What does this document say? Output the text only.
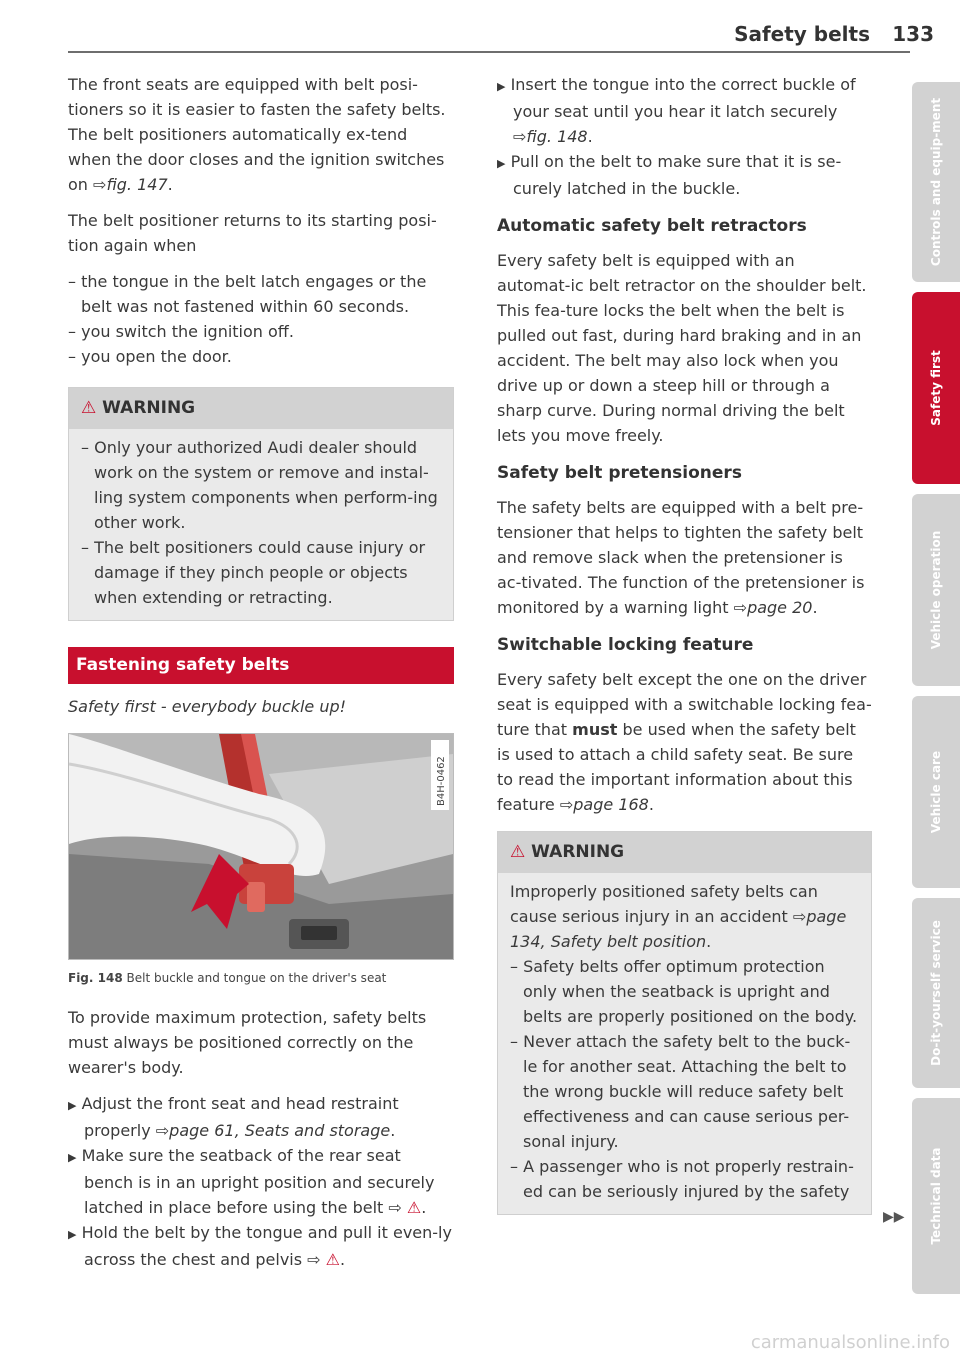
Safety belts 133

The front seats are equipped with belt posi-tioners so it is easier to fasten the safety belts. The belt positioners automatically ex-tend when the door closes and the ignition switches on ⇨fig. 147.

The belt positioner returns to its starting posi-tion again when

– the tongue in the belt latch engages or the belt was not fastened within 60 seconds.

– you switch the ignition off.

– you open the door.

⚠ WARNING

– Only your authorized Audi dealer should work on the system or remove and instal-ling system components when perform-ing other work.

– The belt positioners could cause injury or damage if they pinch people or objects when extending or retracting.

Fastening safety belts

Safety first - everybody buckle up!

B4H-0462
Fig. 148 Belt buckle and tongue on the driver's seat

To provide maximum protection, safety belts must always be positioned correctly on the wearer's body.

▶ Adjust the front seat and head restraint properly ⇨page 61, Seats and storage.

▶ Make sure the seatback of the rear seat bench is in an upright position and securely latched in place before using the belt ⇨ ⚠.

▶ Hold the belt by the tongue and pull it even-ly across the chest and pelvis ⇨ ⚠.

▶ Insert the tongue into the correct buckle of your seat until you hear it latch securely ⇨fig. 148.

▶ Pull on the belt to make sure that it is se-curely latched in the buckle.

Automatic safety belt retractors

Every safety belt is equipped with an automat-ic belt retractor on the shoulder belt. This fea-ture locks the belt when the belt is pulled out fast, during hard braking and in an accident. The belt may also lock when you drive up or down a steep hill or through a sharp curve. During normal driving the belt lets you move freely.

Safety belt pretensioners

The safety belts are equipped with a belt pre-tensioner that helps to tighten the safety belt and remove slack when the pretensioner is ac-tivated. The function of the pretensioner is monitored by a warning light ⇨page 20.

Switchable locking feature

Every safety belt except the one on the driver seat is equipped with a switchable locking fea-ture that must be used when the safety belt is used to attach a child safety seat. Be sure to read the important information about this feature ⇨page 168.

⚠ WARNING

Improperly positioned safety belts can cause serious injury in an accident ⇨page 134, Safety belt position.

– Safety belts offer optimum protection only when the seatback is upright and belts are properly positioned on the body.

– Never attach the safety belt to the buck-le for another seat. Attaching the belt to the wrong buckle will reduce safety belt effectiveness and can cause serious per-sonal injury.

– A passenger who is not properly restrain-ed can be seriously injured by the safety

▶▶
Controls and equip-ment
Safety first
Vehicle operation
Vehicle care
Do-it-yourself service
Technical data
carmanualsonline.info
